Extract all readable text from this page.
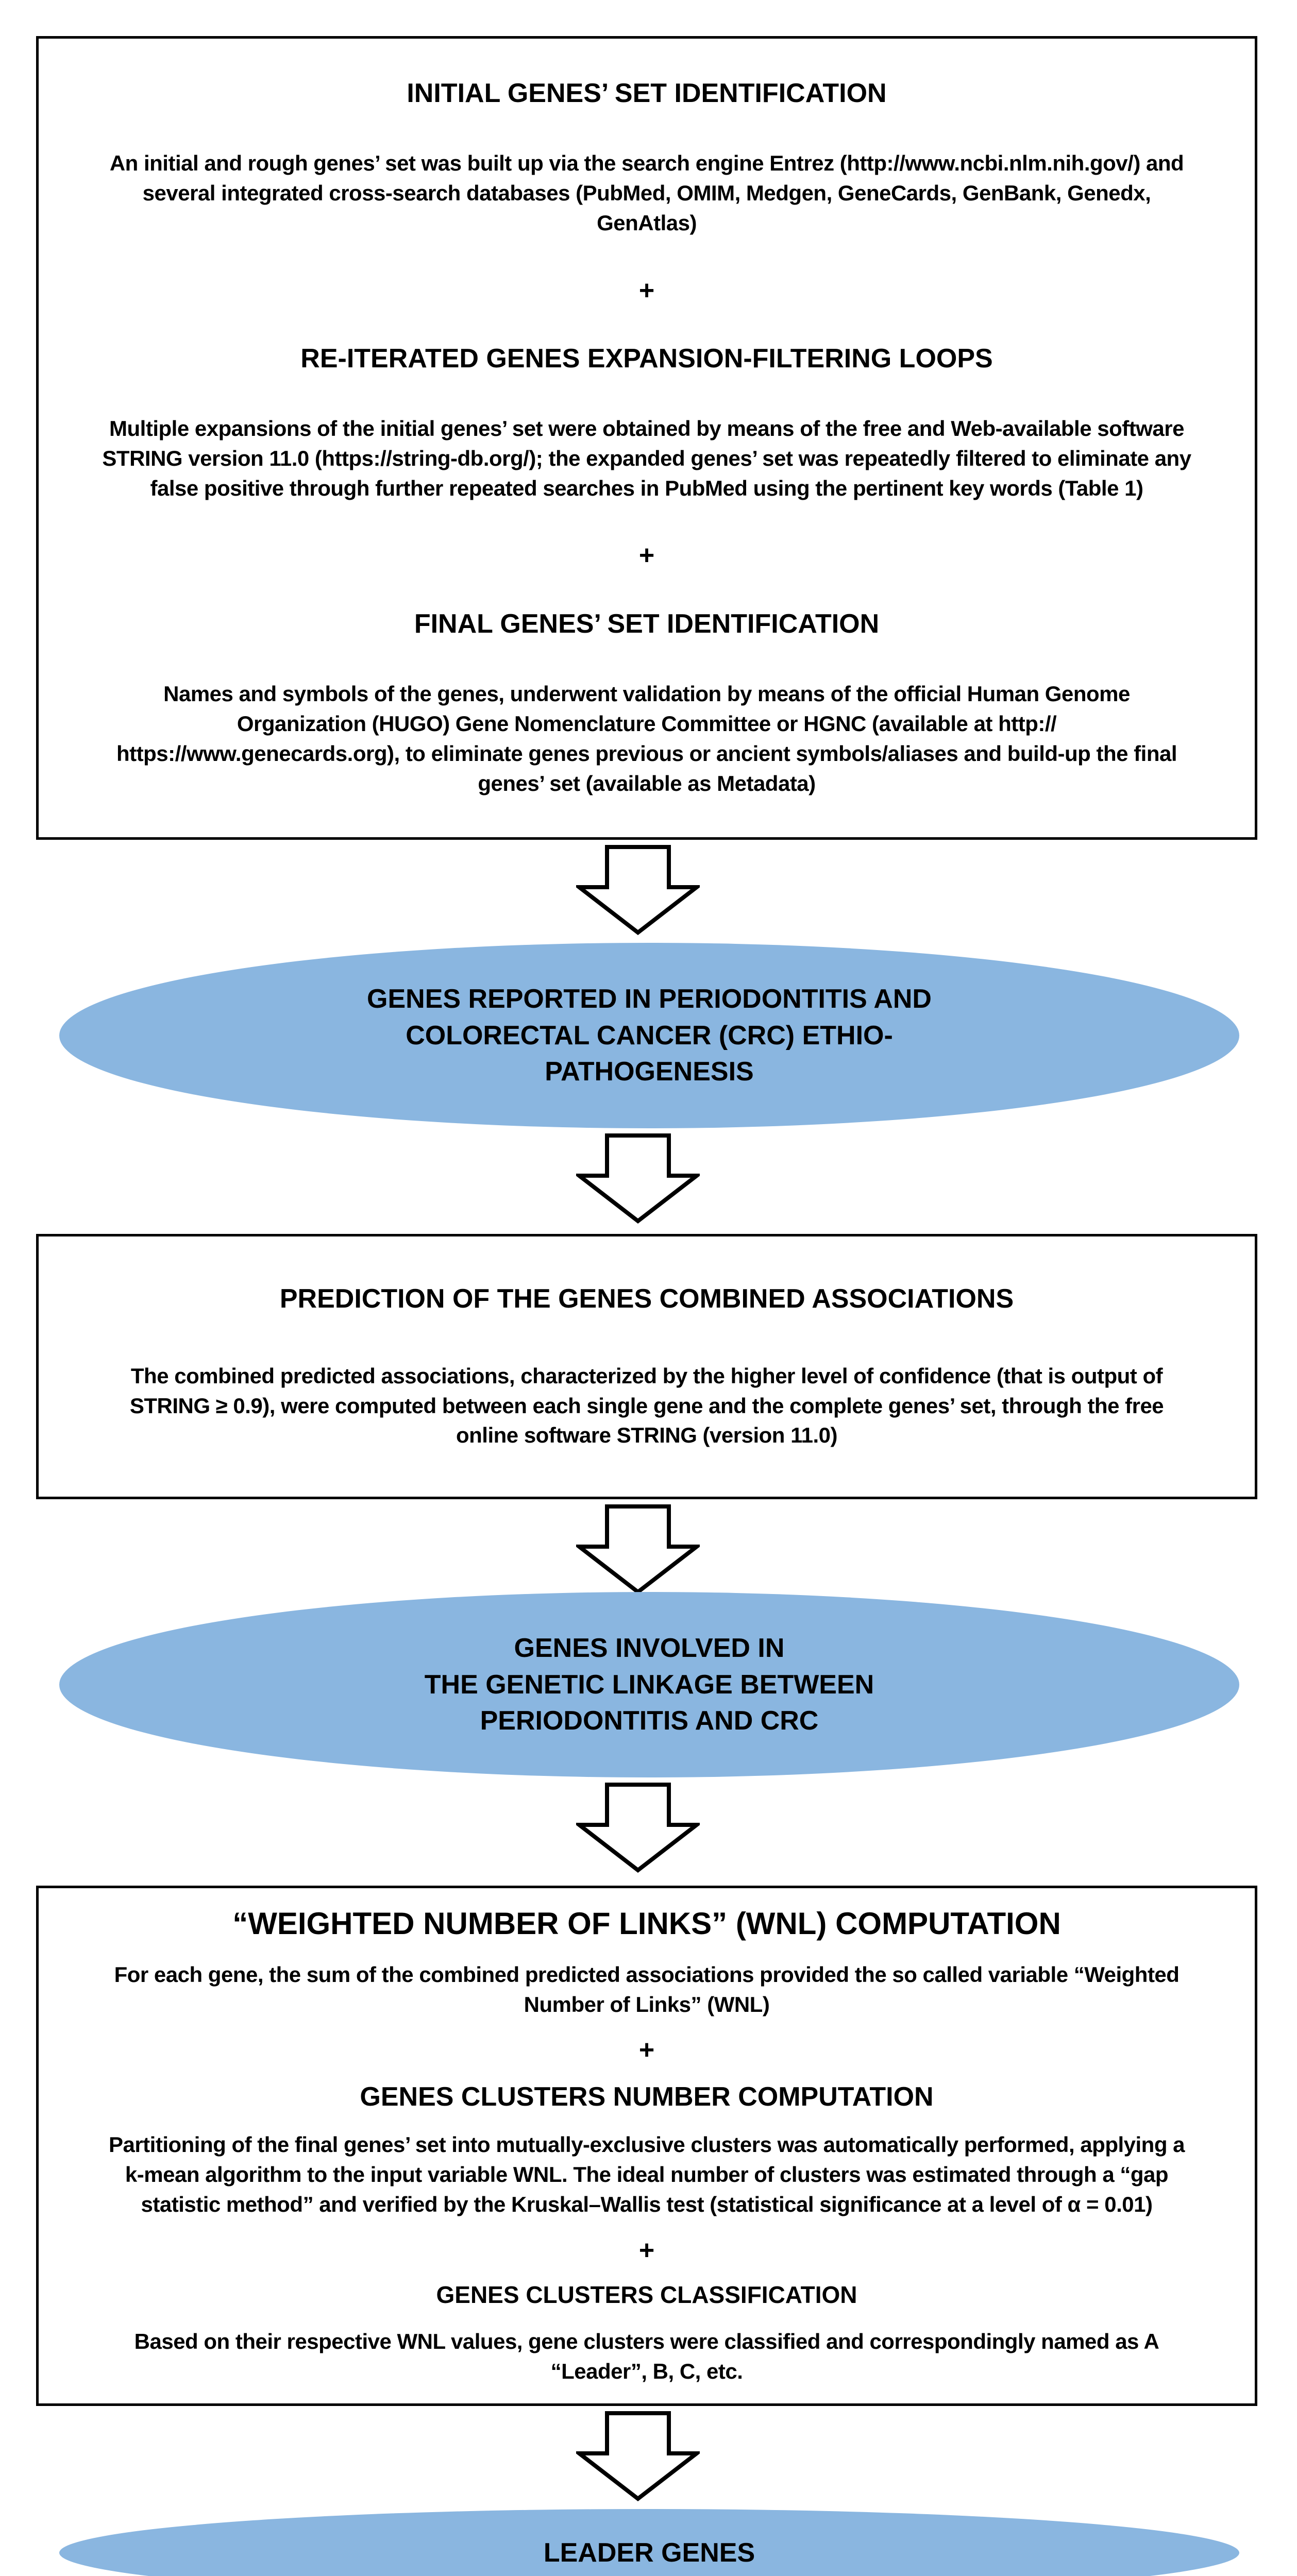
INITIAL GENES’ SET IDENTIFICATION

An initial and rough genes’ set was built up via the search engine Entrez (http://www.ncbi.nlm.nih.gov/) and several integrated cross-search databases (PubMed, OMIM, Medgen, GeneCards, GenBank, Genedx, GenAtlas)

+

RE-ITERATED GENES EXPANSION-FILTERING LOOPS

Multiple expansions of the initial genes’ set were obtained by means of the free and Web-available software STRING version 11.0 (https://string-db.org/); the expanded genes’ set was repeatedly filtered to eliminate any false positive through further repeated searches in PubMed using the pertinent key words (Table 1)

+

FINAL GENES’ SET IDENTIFICATION

Names and symbols of the genes, underwent validation by means of the official Human Genome Organization (HUGO) Gene Nomenclature Committee or HGNC (available at http:// https://www.genecards.org), to eliminate genes previous or ancient symbols/aliases and build-up the final genes’ set (available as Metadata)

GENES REPORTED IN PERIODONTITIS AND
COLORECTAL CANCER (CRC) ETHIO-
PATHOGENESIS

PREDICTION OF THE GENES COMBINED ASSOCIATIONS

The combined predicted associations, characterized by the higher level of confidence (that is output of STRING ≥ 0.9), were computed between each single gene and the complete genes’ set, through the free online software STRING (version 11.0)

GENES INVOLVED IN
THE GENETIC LINKAGE BETWEEN
PERIODONTITIS AND CRC

“WEIGHTED NUMBER OF LINKS” (WNL) COMPUTATION

For each gene, the sum of the combined predicted associations provided the so called variable “Weighted Number of Links” (WNL)

+

GENES CLUSTERS NUMBER COMPUTATION

Partitioning of the final genes’ set into mutually-exclusive clusters was automatically performed, applying a k-mean algorithm to the input variable WNL. The ideal number of clusters was estimated through a “gap statistic method” and verified by the Kruskal–Wallis test (statistical significance at a level of α = 0.01)

+

GENES CLUSTERS CLASSIFICATION

Based on their respective WNL values, gene clusters were classified and correspondingly named as A “Leader”, B, C, etc.

LEADER GENES
